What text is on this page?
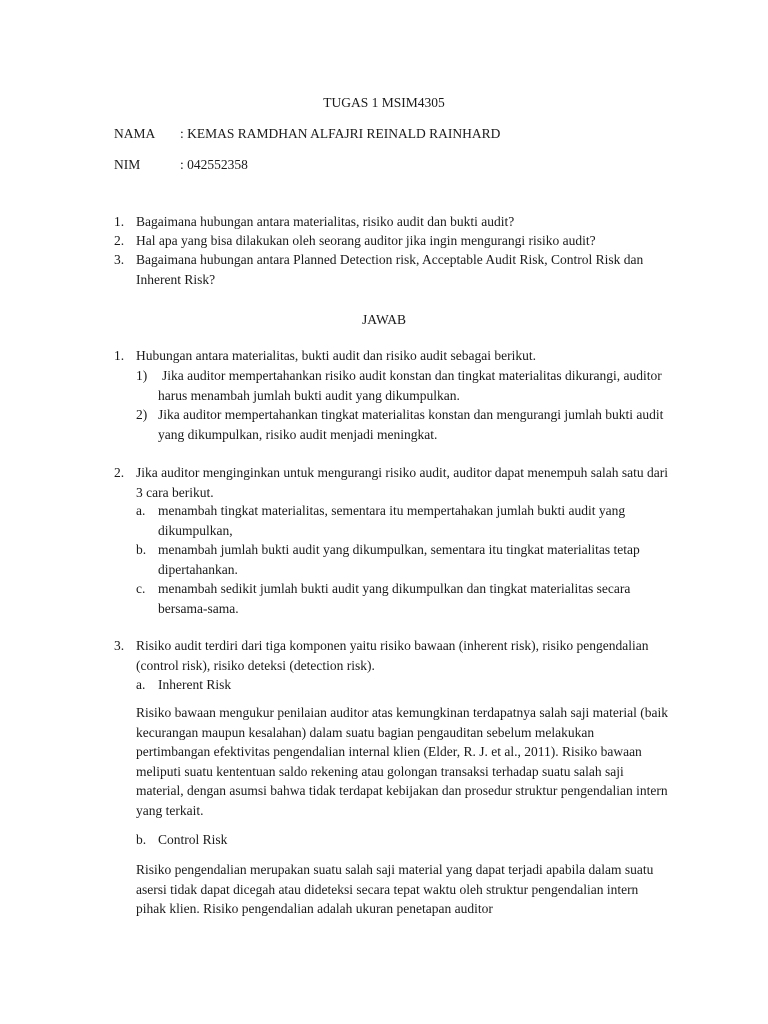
TUGAS 1 MSIM4305
NAMA : KEMAS RAMDHAN ALFAJRI REINALD RAINHARD
NIM	: 042552358
1. Bagaimana hubungan antara materialitas, risiko audit dan bukti audit?
2. Hal apa yang bisa dilakukan oleh seorang auditor jika ingin mengurangi risiko audit?
3. Bagaimana hubungan antara Planned Detection risk, Acceptable Audit Risk, Control Risk dan Inherent Risk?
JAWAB
1. Hubungan antara materialitas, bukti audit dan risiko audit sebagai berikut.
1) Jika auditor mempertahankan risiko audit konstan dan tingkat materialitas dikurangi, auditor harus menambah jumlah bukti audit yang dikumpulkan.
2) Jika auditor mempertahankan tingkat materialitas konstan dan mengurangi jumlah bukti audit yang dikumpulkan, risiko audit menjadi meningkat.
2. Jika auditor menginginkan untuk mengurangi risiko audit, auditor dapat menempuh salah satu dari 3 cara berikut.
a. menambah tingkat materialitas, sementara itu mempertahakan jumlah bukti audit yang dikumpulkan,
b. menambah jumlah bukti audit yang dikumpulkan, sementara itu tingkat materialitas tetap dipertahankan.
c. menambah sedikit jumlah bukti audit yang dikumpulkan dan tingkat materialitas secara bersama-sama.
3. Risiko audit terdiri dari tiga komponen yaitu risiko bawaan (inherent risk), risiko pengendalian (control risk), risiko deteksi (detection risk).
a. Inherent Risk
Risiko bawaan mengukur penilaian auditor atas kemungkinan terdapatnya salah saji material (baik kecurangan maupun kesalahan) dalam suatu bagian pengauditan sebelum melakukan pertimbangan efektivitas pengendalian internal klien (Elder, R. J. et al., 2011). Risiko bawaan meliputi suatu kententuan saldo rekening atau golongan transaksi terhadap suatu salah saji material, dengan asumsi bahwa tidak terdapat kebijakan dan prosedur struktur pengendalian intern yang terkait.
b. Control Risk
Risiko pengendalian merupakan suatu salah saji material yang dapat terjadi apabila dalam suatu asersi tidak dapat dicegah atau dideteksi secara tepat waktu oleh struktur pengendalian intern pihak klien. Risiko pengendalian adalah ukuran penetapan auditor
